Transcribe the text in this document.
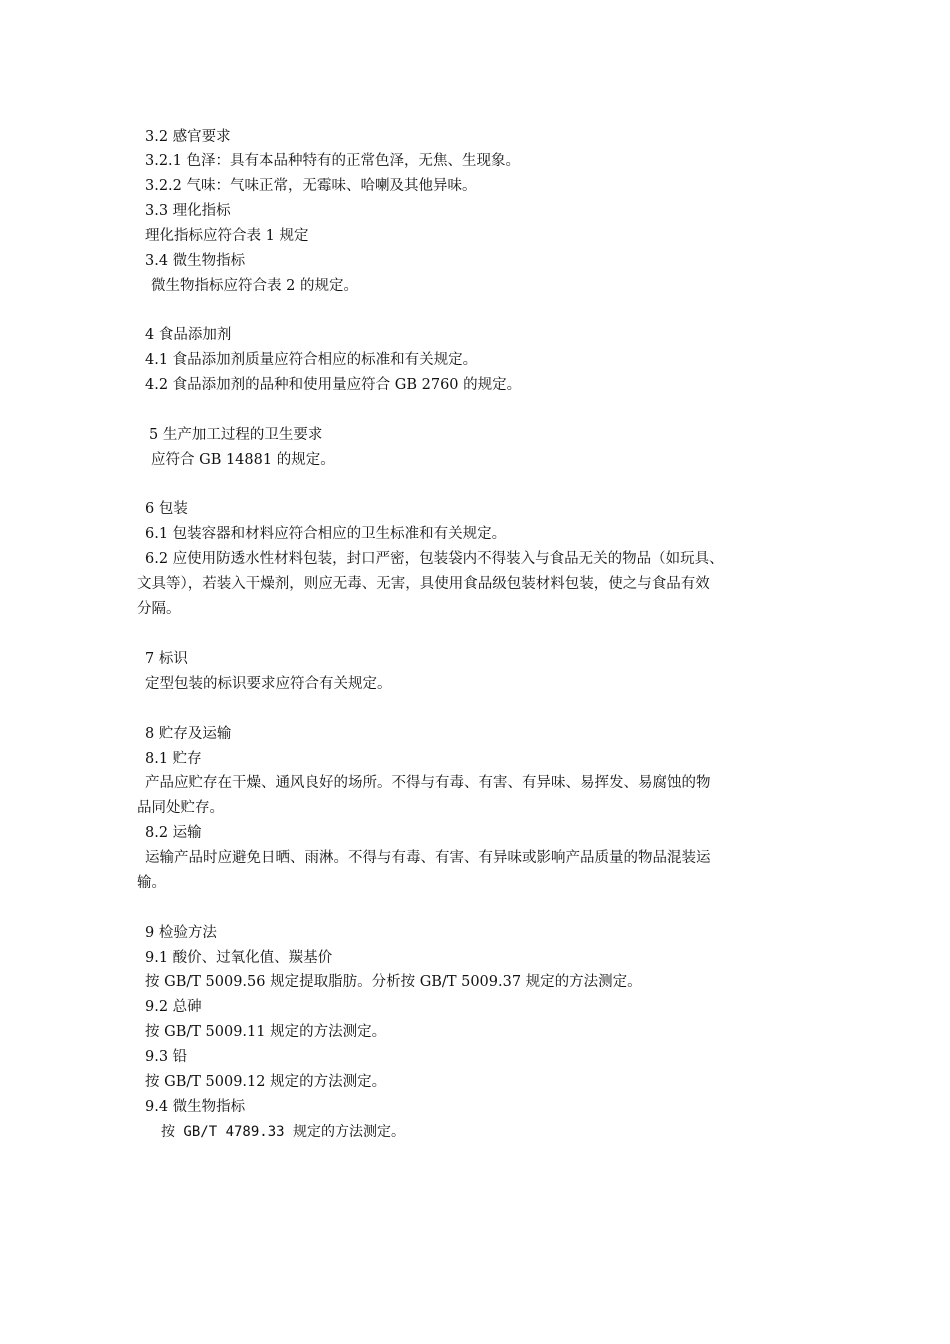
3.2 感官要求
3.2.1 色泽：具有本品种特有的正常色泽，无焦、生现象。
3.2.2 气味：气味正常，无霉味、哈喇及其他异味。
3.3 理化指标
理化指标应符合表 1 规定
3.4 微生物指标
微生物指标应符合表 2 的规定。
4 食品添加剂
4.1 食品添加剂质量应符合相应的标准和有关规定。
4.2 食品添加剂的品种和使用量应符合 GB 2760 的规定。
5 生产加工过程的卫生要求
应符合 GB 14881 的规定。
6 包装
6.1 包装容器和材料应符合相应的卫生标准和有关规定。
6.2 应使用防透水性材料包装，封口严密，包装袋内不得装入与食品无关的物品（如玩具、
文具等），若装入干燥剂，则应无毒、无害，具使用食品级包装材料包装，使之与食品有效
分隔。
7 标识
定型包装的标识要求应符合有关规定。
8 贮存及运输
8.1 贮存
产品应贮存在干燥、通风良好的场所。不得与有毒、有害、有异味、易挥发、易腐蚀的物
品同处贮存。
8.2 运输
运输产品时应避免日晒、雨淋。不得与有毒、有害、有异味或影响产品质量的物品混装运
输。
9 检验方法
9.1 酸价、过氧化值、羰基价
按 GB/T 5009.56 规定提取脂肪。分析按 GB/T 5009.37 规定的方法测定。
9.2 总砷
按 GB/T 5009.11 规定的方法测定。
9.3 铅
按 GB/T 5009.12 规定的方法测定。
9.4 微生物指标
按 GB/T 4789.33 规定的方法测定。
